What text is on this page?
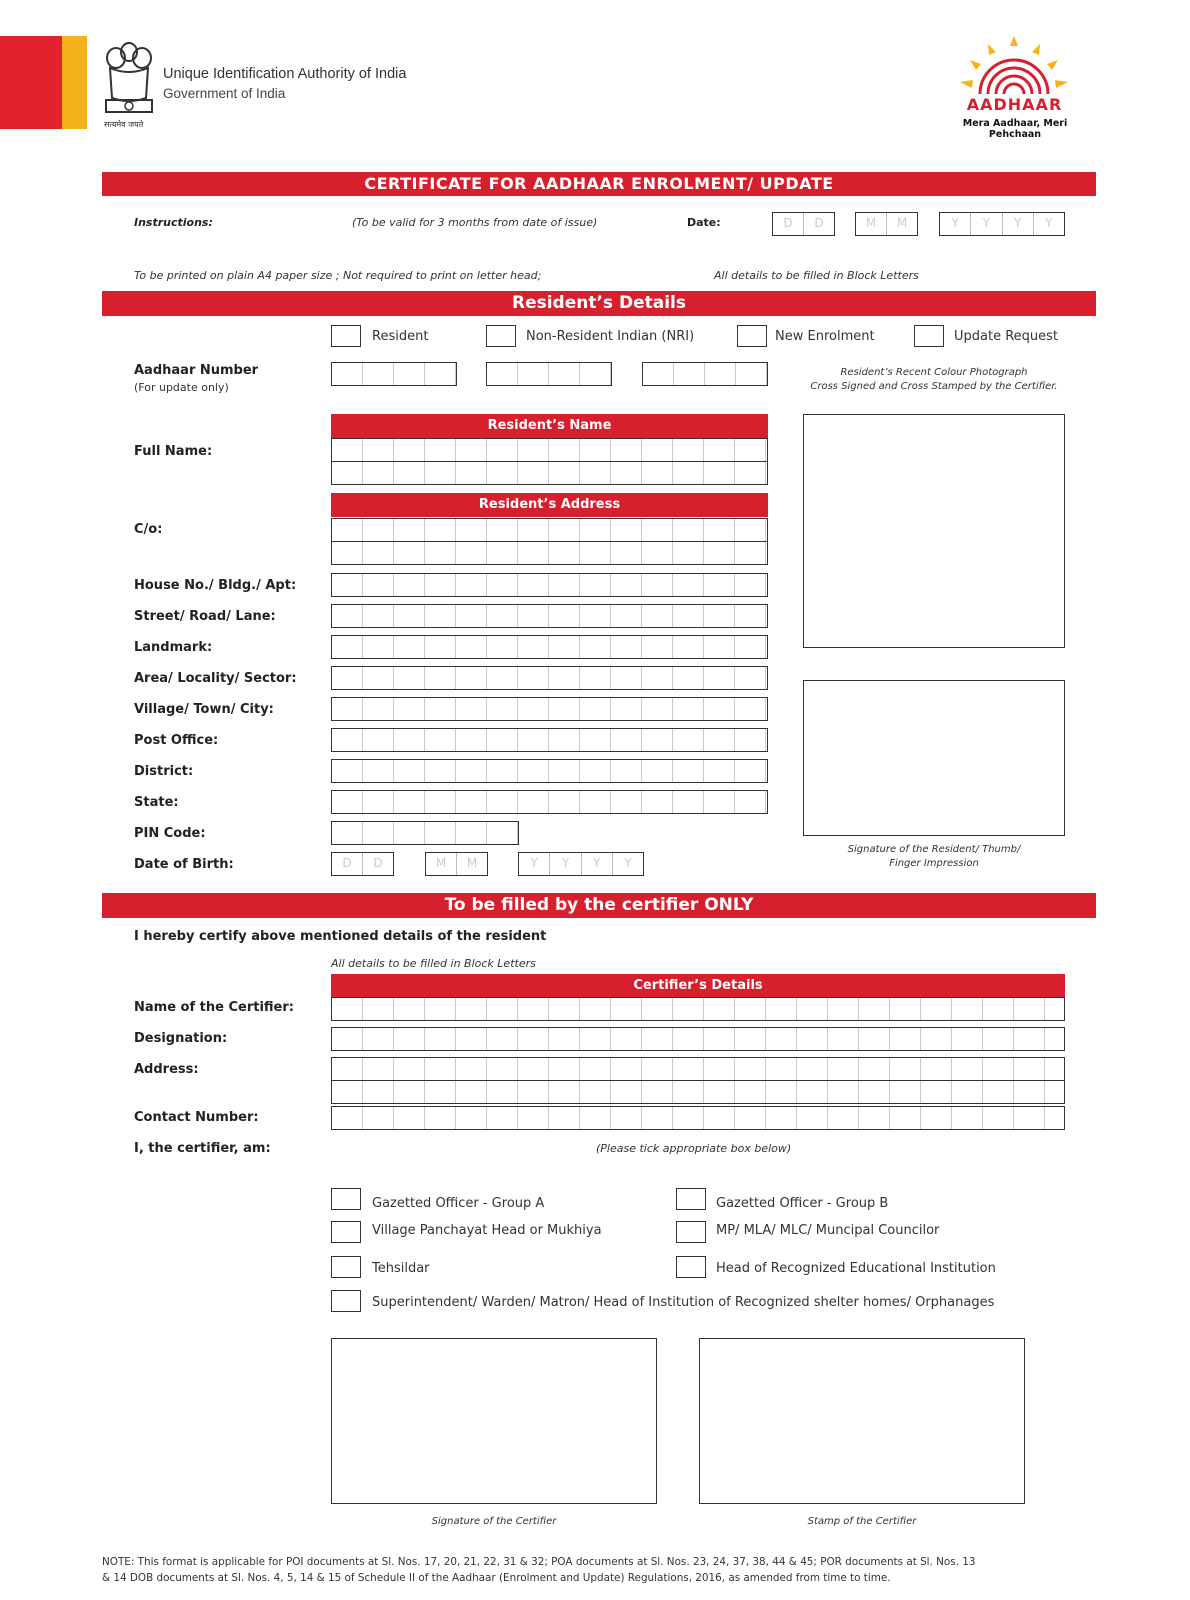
सत्यमेव जयते
Unique Identification Authority of India
Government of India
AADHAAR
Mera Aadhaar, Meri Pehchaan
CERTIFICATE FOR AADHAAR ENROLMENT/ UPDATE
Instructions:	(To be valid for 3 months from date of issue)	Date:	D	D	M	M	Y	Y	Y	Y
To be printed on plain A4 paper size ; Not required to print on letter head;	All details to be filled in Block Letters
Resident’s Details
Resident	Non-Resident Indian (NRI)	New Enrolment	Update Request
Aadhaar Number
(For update only)
Resident’s Recent Colour Photograph
Cross Signed and Cross Stamped by the Certifier.
Resident’s Name
Full Name:
Resident’s Address
C/o:
House No./ Bldg./ Apt:
Street/ Road/ Lane:
Landmark:
Area/ Locality/ Sector:
Village/ Town/ City:
Post Office:
District:
State:
PIN Code:
Date of Birth:	D	D	M	M	Y	Y	Y	Y
Signature of the Resident/ Thumb/
Finger Impression
To be filled by the certifier ONLY
I hereby certify above mentioned details of the resident
All details to be filled in Block Letters
Certifier’s Details
Name of the Certifier:
Designation:
Address:
Contact Number:
I, the certifier, am:	(Please tick appropriate box below)
Gazetted Officer - Group A	Gazetted Officer - Group B
Village Panchayat Head or Mukhiya	MP/ MLA/ MLC/ Muncipal Councilor
Tehsildar	Head of Recognized Educational Institution
Superintendent/ Warden/ Matron/ Head of Institution of Recognized shelter homes/ Orphanages
Signature of the Certifier	Stamp of the Certifier
NOTE: This format is applicable for POI documents at Sl. Nos. 17, 20, 21, 22, 31 & 32; POA documents at Sl. Nos. 23, 24, 37, 38, 44 & 45; POR documents at Sl. Nos. 13
& 14 DOB documents at Sl. Nos. 4, 5, 14 & 15 of Schedule II of the Aadhaar (Enrolment and Update) Regulations, 2016, as amended from time to time.
